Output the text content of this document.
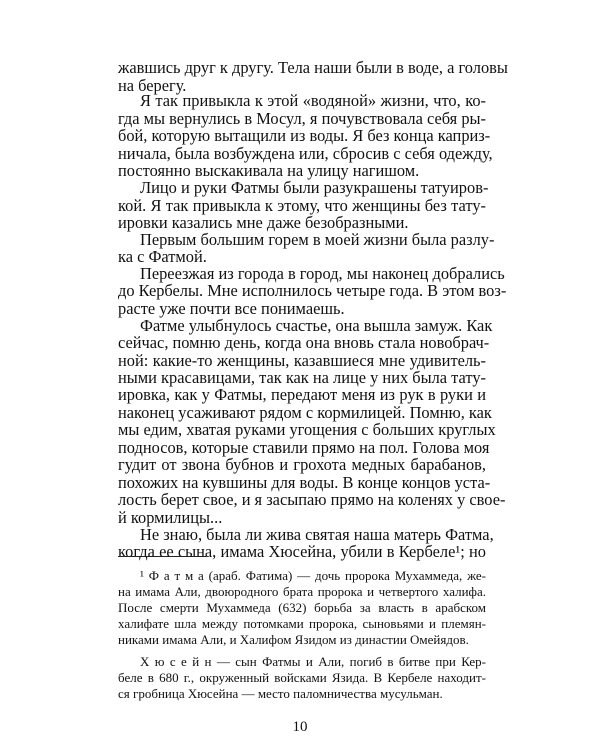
жавшись друг к другу. Тела наши были в воде, а головы
на берегу.
Я так привыкла к этой «водяной» жизни, что, ко-
гда мы вернулись в Мосул, я почувствовала себя ры-
бой, которую вытащили из воды. Я без конца каприз-
ничала, была возбуждена или, сбросив с себя одежду,
постоянно выскакивала на улицу нагишом.
Лицо и руки Фатмы были разукрашены татуиров-
кой. Я так привыкла к этому, что женщины без тату-
ировки казались мне даже безобразными.
Первым большим горем в моей жизни была разлу-
ка с Фатмой.
Переезжая из города в город, мы наконец добрались
до Кербелы. Мне исполнилось четыре года. В этом воз-
расте уже почти все понимаешь.
Фатме улыбнулось счастье, она вышла замуж. Как
сейчас, помню день, когда она вновь стала новобрач-
ной: какие-то женщины, казавшиеся мне удивитель-
ными красавицами, так как на лице у них была тату-
ировка, как у Фатмы, передают меня из рук в руки и
наконец усаживают рядом с кормилицей. Помню, как
мы едим, хватая руками угощения с больших круглых
подносов, которые ставили прямо на пол. Голова моя
гудит от звона бубнов и грохота медных барабанов,
похожих на кувшины для воды. В конце концов уста-
лость берет свое, и я засыпаю прямо на коленях у свое-
й кормилицы...
Не знаю, была ли жива святая наша матерь Фатма,
когда ее сына, имама Хюсейна, убили в Кербеле¹; но
¹ Ф а т м а (араб. Фатима) — дочь пророка Мухаммеда, же-
на имама Али, двоюродного брата пророка и четвертого халифа.
После смерти Мухаммеда (632) борьба за власть в арабском
халифате шла между потомками пророка, сыновьями и племян-
никами имама Али, и Халифом Язидом из династии Омейядов.
Х ю с е й н — сын Фатмы и Али, погиб в битве при Кер-
беле в 680 г., окруженный войсками Язида. В Кербеле находит-
ся гробница Хюсейна — место паломничества мусульман.
10
